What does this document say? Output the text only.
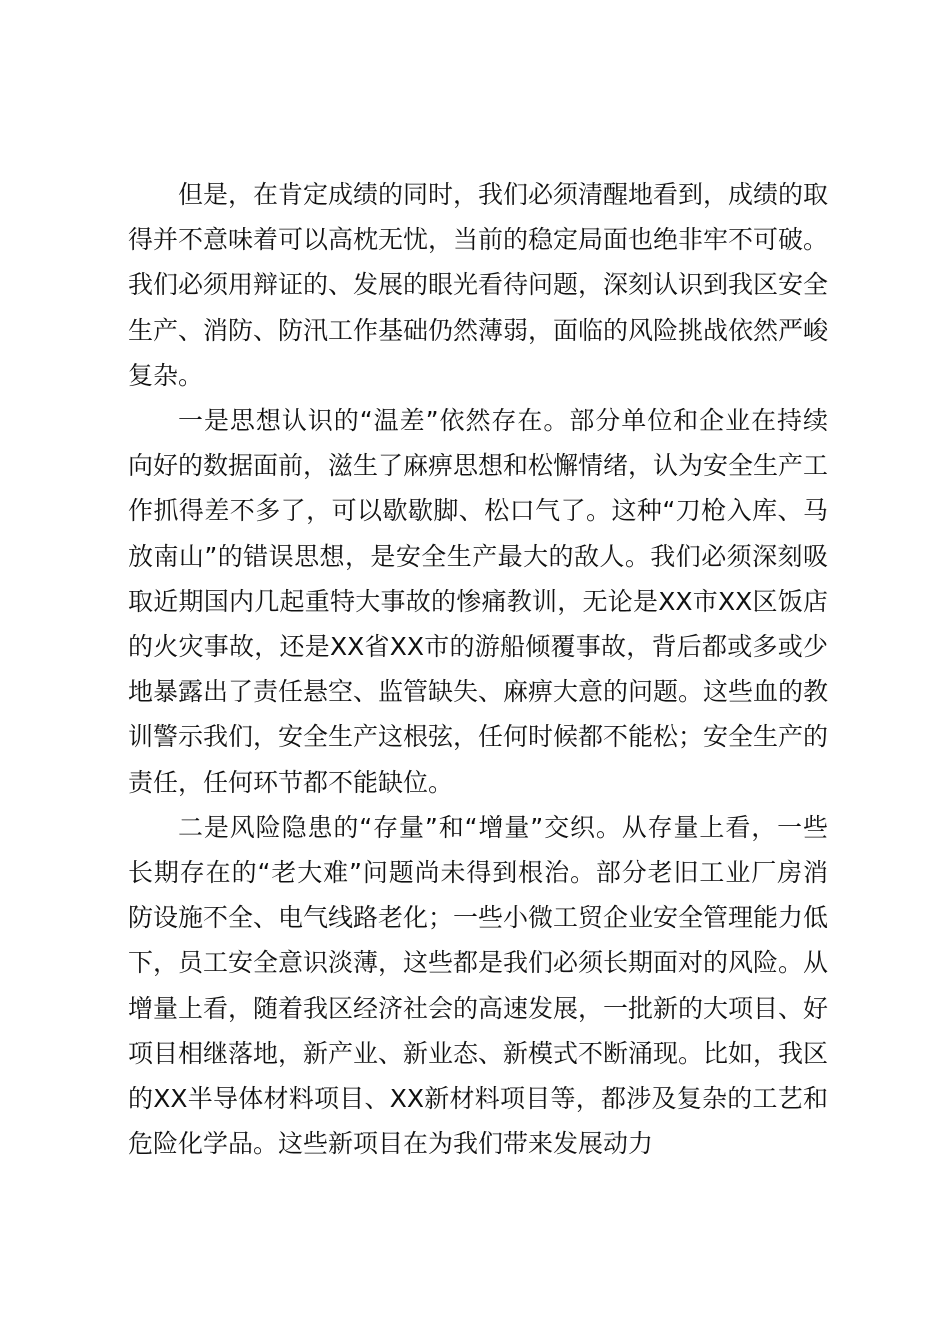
但是，在肯定成绩的同时，我们必须清醒地看到，成绩的取得并不意味着可以高枕无忧，当前的稳定局面也绝非牢不可破。我们必须用辩证的、发展的眼光看待问题，深刻认识到我区安全生产、消防、防汛工作基础仍然薄弱，面临的风险挑战依然严峻复杂。

一是思想认识的“温差”依然存在。部分单位和企业在持续向好的数据面前，滋生了麻痹思想和松懈情绪，认为安全生产工作抓得差不多了，可以歇歇脚、松口气了。这种“刀枪入库、马放南山”的错误思想，是安全生产最大的敌人。我们必须深刻吸取近期国内几起重特大事故的惨痛教训，无论是XX市XX区饭店的火灾事故，还是XX省XX市的游船倾覆事故，背后都或多或少地暴露出了责任悬空、监管缺失、麻痹大意的问题。这些血的教训警示我们，安全生产这根弦，任何时候都不能松；安全生产的责任，任何环节都不能缺位。

二是风险隐患的“存量”和“增量”交织。从存量上看，一些长期存在的“老大难”问题尚未得到根治。部分老旧工业厂房消防设施不全、电气线路老化；一些小微工贸企业安全管理能力低下，员工安全意识淡薄，这些都是我们必须长期面对的风险。从增量上看，随着我区经济社会的高速发展，一批新的大项目、好项目相继落地，新产业、新业态、新模式不断涌现。比如，我区的XX半导体材料项目、XX新材料项目等，都涉及复杂的工艺和危险化学品。这些新项目在为我们带来发展动力
